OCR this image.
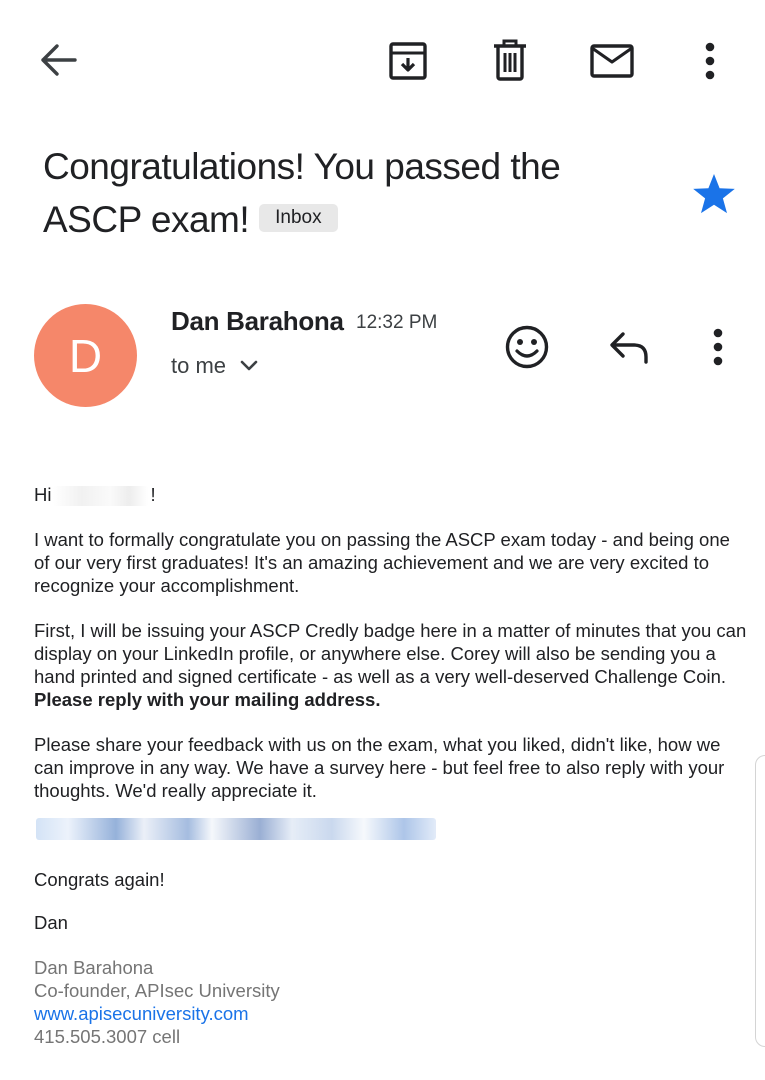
Congratulations! You passed the
ASCP exam! Inbox
D
Dan Barahona 12:32 PM
to me
Hi	!

I want to formally congratulate you on passing the ASCP exam today - and being one of our very first graduates! It's an amazing achievement and we are very excited to recognize your accomplishment.

First, I will be issuing your ASCP Credly badge here in a matter of minutes that you can display on your LinkedIn profile, or anywhere else. Corey will also be sending you a hand printed and signed certificate - as well as a very well-deserved Challenge Coin. Please reply with your mailing address.

Please share your feedback with us on the exam, what you liked, didn't like, how we can improve in any way. We have a survey here - but feel free to also reply with your thoughts. We'd really appreciate it.

Congrats again!
Dan
Dan Barahona
Co-founder, APIsec University
www.apisecuniversity.com
415.505.3007 cell
